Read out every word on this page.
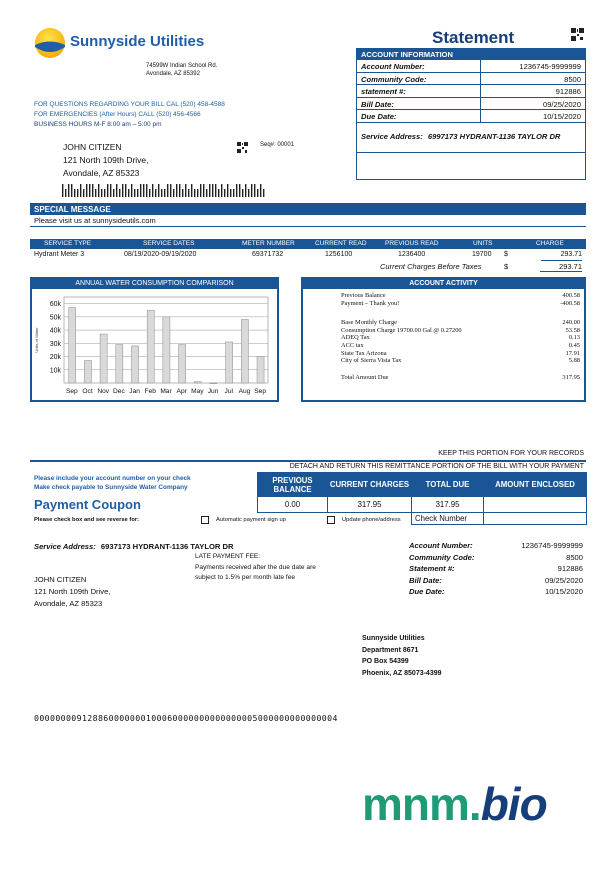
Sunnyside Utilities
74599W Indian School Rd.
Avondale, AZ 85392
FOR QUESTIONS REGARDING YOUR BILL CAL (520) 458-4588
FOR EMERGENCIES (After Hours) CALL (520) 456-4566
BUSINESS HOURS M-F 8:00 am – 5:00 pm
Seq#: 00001
JOHN CITIZEN
121 North 109th Drive,
Avondale, AZ 85323
Statement
ACCOUNT INFORMATION
Account Number:	1236745-9999999
Community Code:	8500
statement #:	912886
Bill Date:	09/25/2020
Due Date:	10/15/2020
Service Address: 6997173 HYDRANT-1136 TAYLOR DR
SPECIAL MESSAGE
Please visit us at sunnysideutils.com
SERVICE TYPE	SERVICE DATES	METER NUMBER	CURRENT READ	PREVIOUS READ	UNITS	CHARGE
Hydrant Meter 3	08/19/2020-09/19/2020	69371732	1256100	1236400	19700	293.71
$
Current Charges Before Taxes	$	293.71
ANNUAL WATER CONSUMPTION COMPARISON
10k
20k
30k
40k
50k
60k
Units of Water
Sep Oct Nov Dec Jan Feb Mar Apr May Jun Jul Aug Sep
ACCOUNT ACTIVITY
Previous Balance	400.58
Payment – Thank you!	-400.58
Base Monthly Charge	240.00
Consumption Charge 19700.00 Gal @ 0.27200	53.58
ADEQ Tax	0.13
ACC tax	0.45
State Tax Arizona	17.91
City of Sierra Vista Tax	5.88
Total Amount Due	317.95
KEEP THIS PORTION FOR YOUR RECORDS
DETACH AND RETURN THIS REMITTANCE PORTION OF THE BILL WITH YOUR PAYMENT
Please include your account number on your check
Make check payable to Sunnyside Water Company
Payment Coupon
Please check box and see reverse for:	Automatic payment sign up	Update phone/address
PREVIOUS BALANCE	CURRENT CHARGES	TOTAL DUE	AMOUNT ENCLOSED
0.00	317.95	317.95	
		Check Number	
Service Address: 6937173 HYDRANT-1136 TAYLOR DR
LATE PAYMENT FEE:
Payments received after the due date are subject to 1.5% per month late fee
JOHN CITIZEN
121 North 109th Drive,
Avondale, AZ 85323
Account Number:	1236745-9999999
Community Code:	8500
Statement #:	912886
Bill Date:	09/25/2020
Due Date:	10/15/2020
Sunnyside Utilities
Department 8671
PO Box 54399
Phoenix, AZ 85073-4399
000000009128860000000100060000000000000005000000000000004
mnm.bio
